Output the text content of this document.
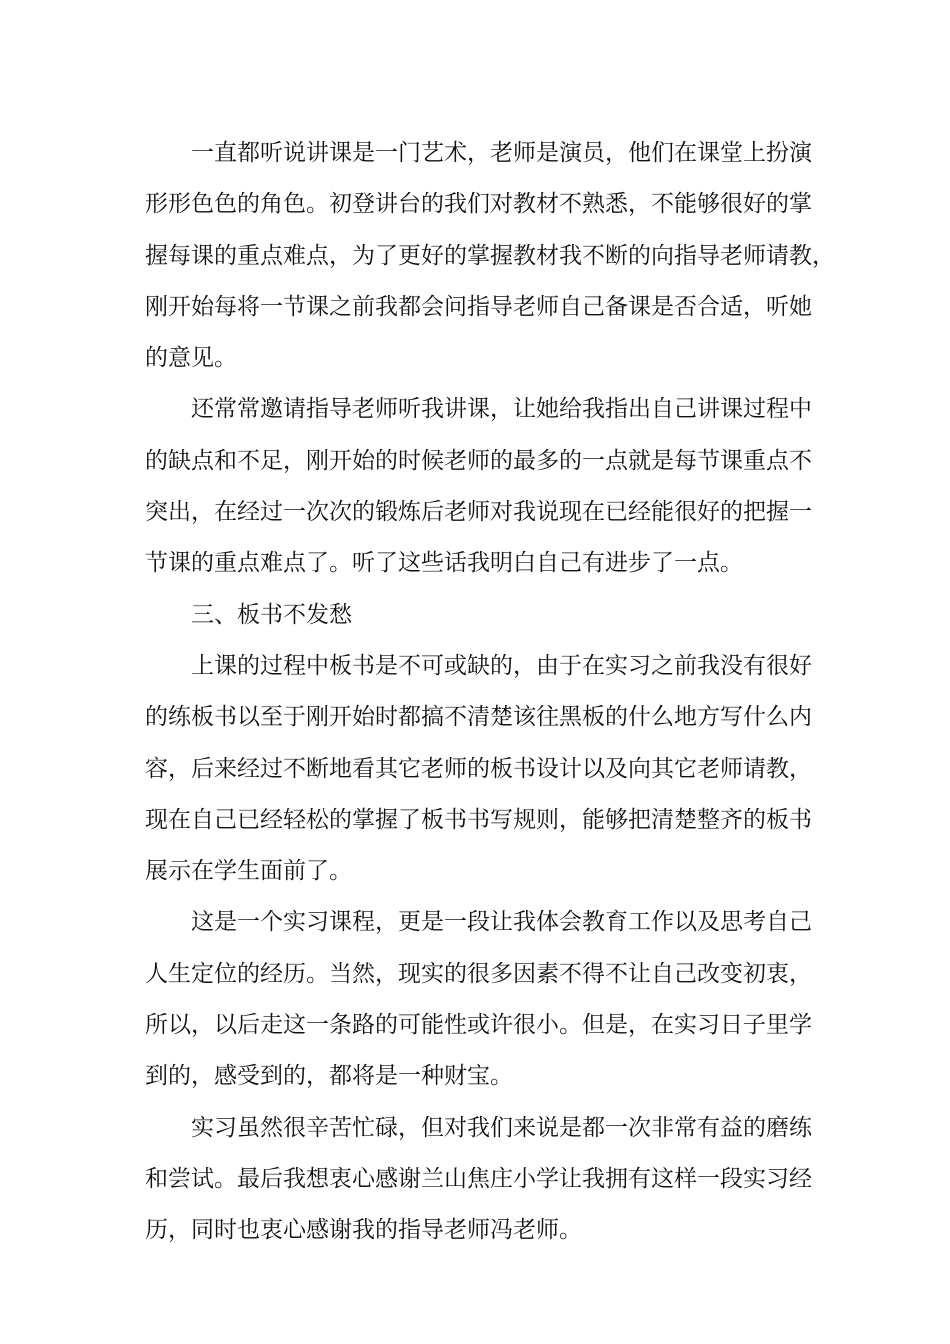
一直都听说讲课是一门艺术，老师是演员，他们在课堂上扮演
形形色色的角色。初登讲台的我们对教材不熟悉，不能够很好的掌
握每课的重点难点，为了更好的掌握教材我不断的向指导老师请教，
刚开始每将一节课之前我都会问指导老师自己备课是否合适，听她
的意见。
还常常邀请指导老师听我讲课，让她给我指出自己讲课过程中
的缺点和不足，刚开始的时候老师的最多的一点就是每节课重点不
突出，在经过一次次的锻炼后老师对我说现在已经能很好的把握一
节课的重点难点了。听了这些话我明白自己有进步了一点。
三、板书不发愁
上课的过程中板书是不可或缺的，由于在实习之前我没有很好
的练板书以至于刚开始时都搞不清楚该往黑板的什么地方写什么内
容，后来经过不断地看其它老师的板书设计以及向其它老师请教，
现在自己已经轻松的掌握了板书书写规则，能够把清楚整齐的板书
展示在学生面前了。
这是一个实习课程，更是一段让我体会教育工作以及思考自己
人生定位的经历。当然，现实的很多因素不得不让自己改变初衷，
所以，以后走这一条路的可能性或许很小。但是，在实习日子里学
到的，感受到的，都将是一种财宝。
实习虽然很辛苦忙碌，但对我们来说是都一次非常有益的磨练
和尝试。最后我想衷心感谢兰山焦庄小学让我拥有这样一段实习经
历，同时也衷心感谢我的指导老师冯老师。
